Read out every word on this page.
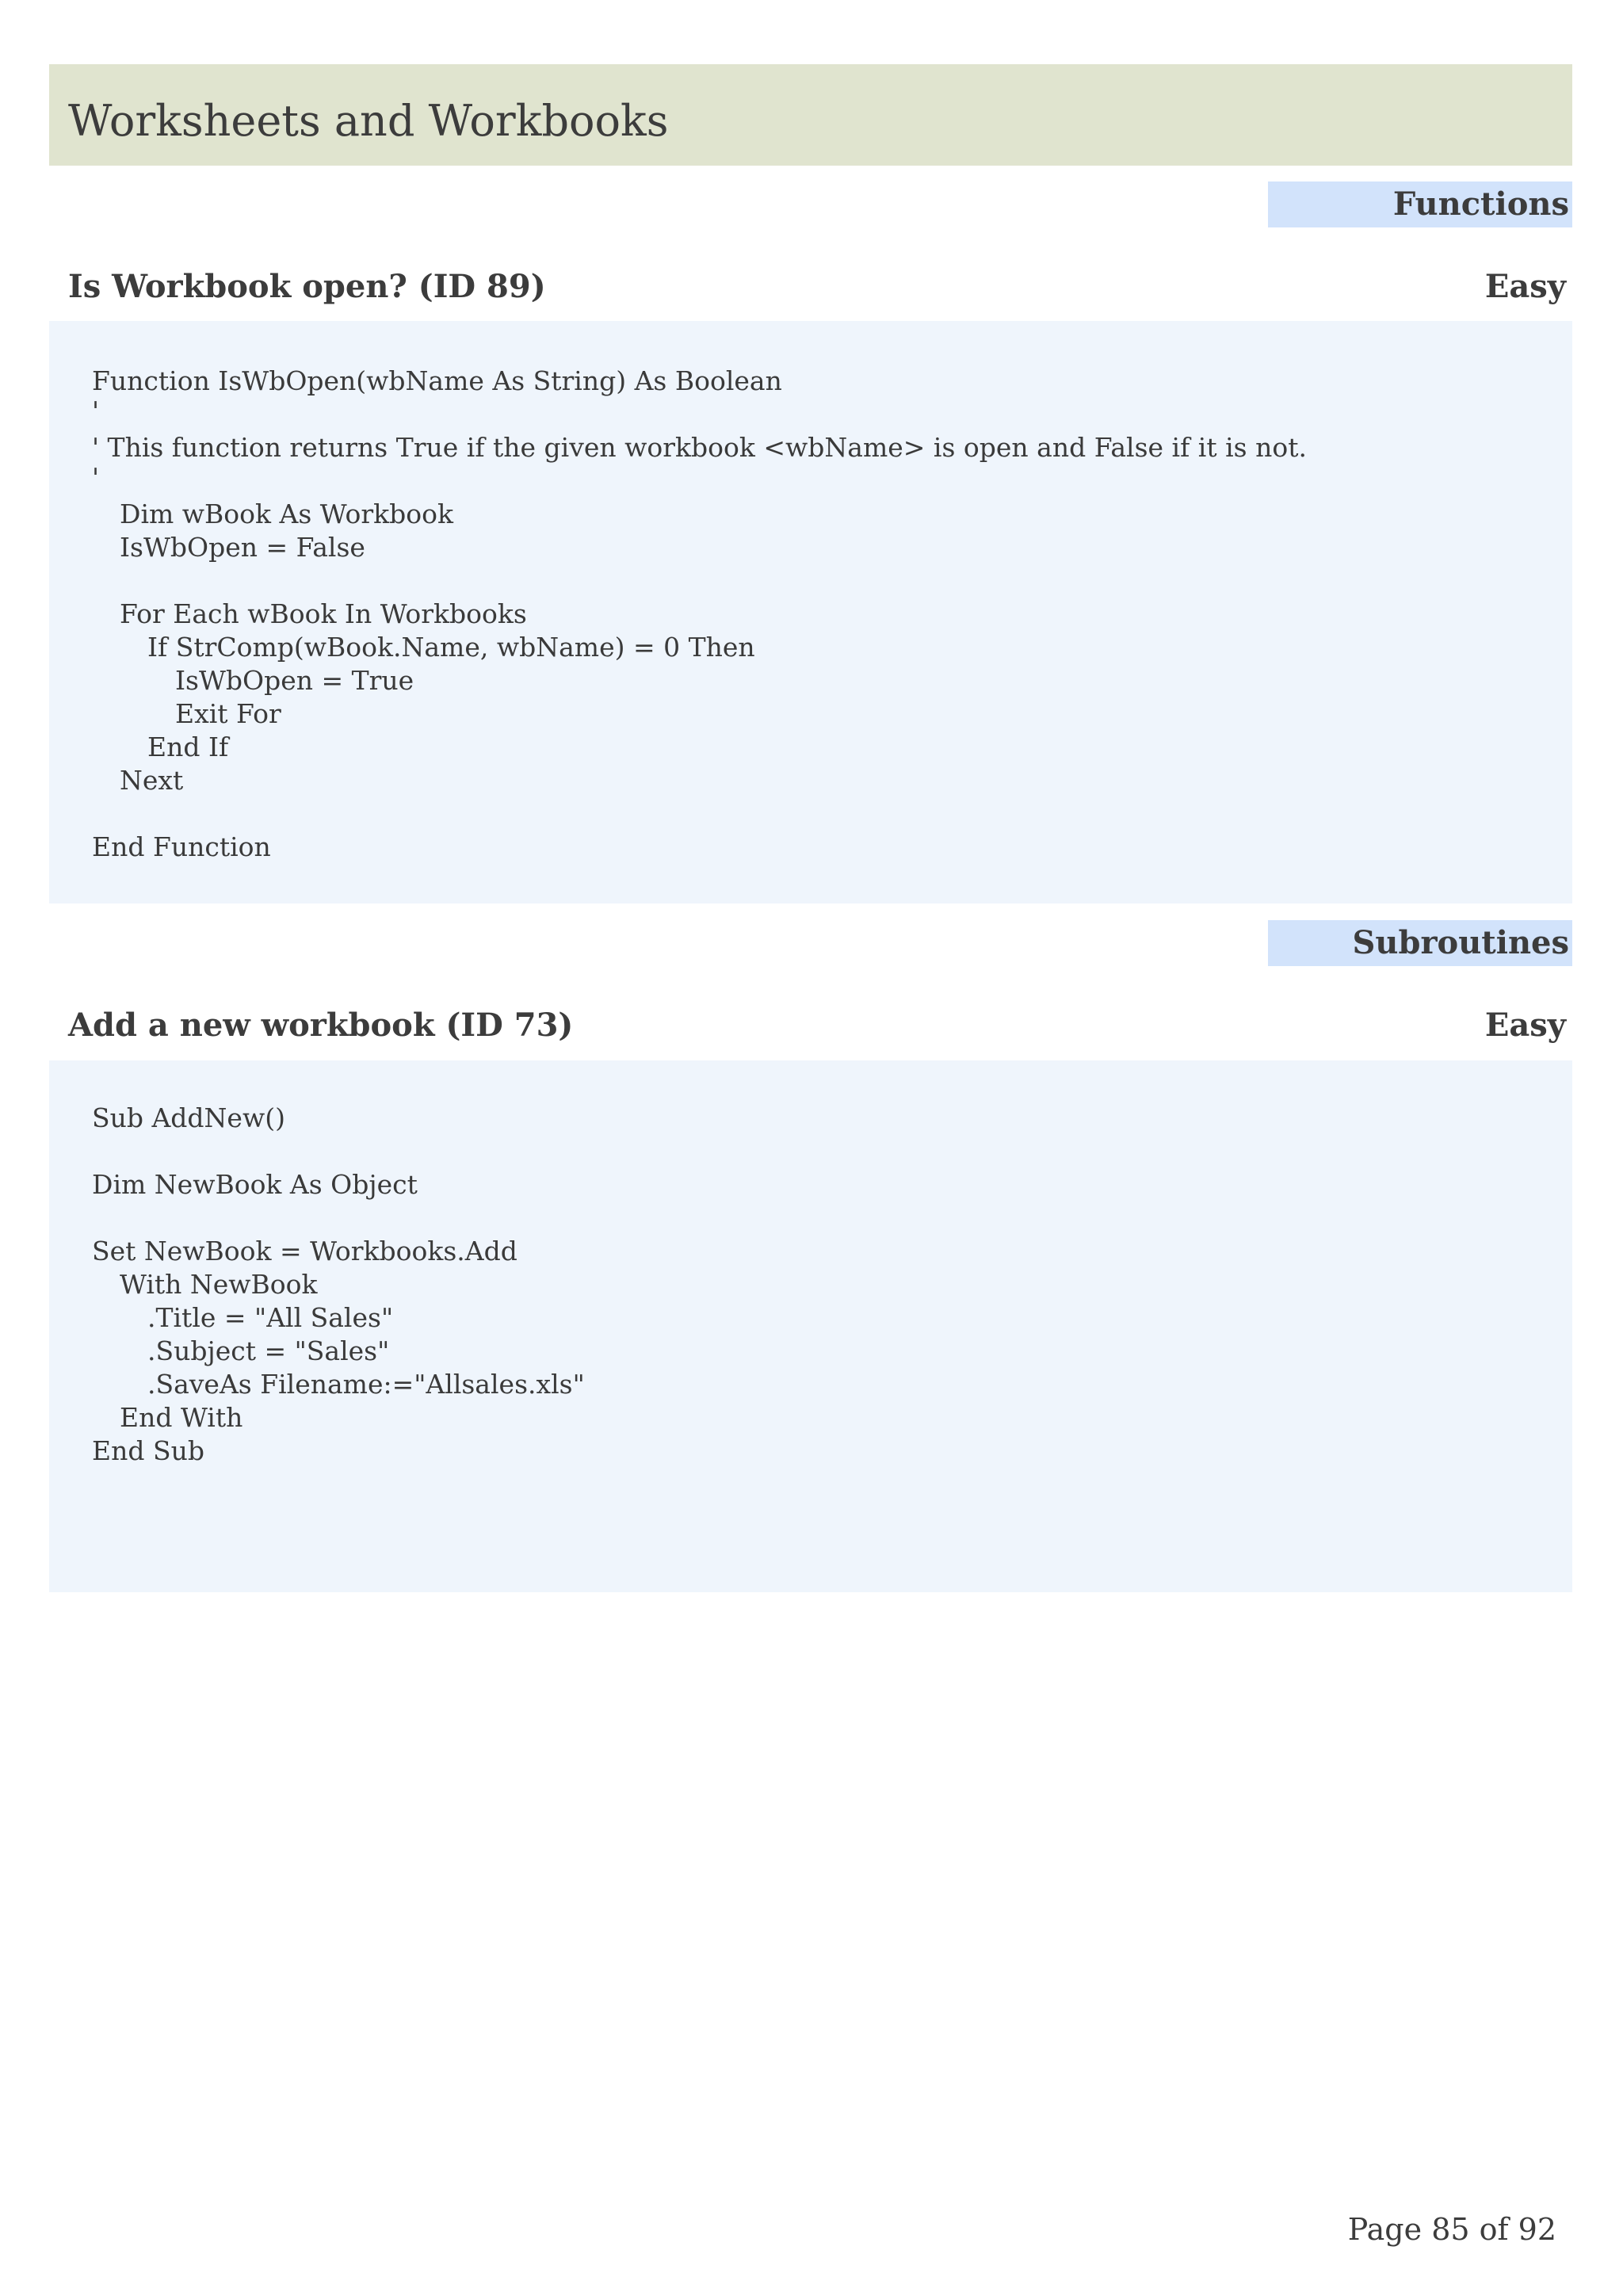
Worksheets and Workbooks
Functions
Is Workbook open? (ID 89)	Easy
Function IsWbOpen(wbName As String) As Boolean
'
' This function returns True if the given workbook <wbName> is open and False if it is not.
'
Dim wBook As Workbook
IsWbOpen = False
For Each wBook In Workbooks
If StrComp(wBook.Name, wbName) = 0 Then
IsWbOpen = True
Exit For
End If
Next
End Function
Subroutines
Add a new workbook (ID 73)	Easy
Sub AddNew()
Dim NewBook As Object
Set NewBook = Workbooks.Add
With NewBook
.Title = "All Sales"
.Subject = "Sales"
.SaveAs Filename:="Allsales.xls"
End With
End Sub
Page 85 of 92
